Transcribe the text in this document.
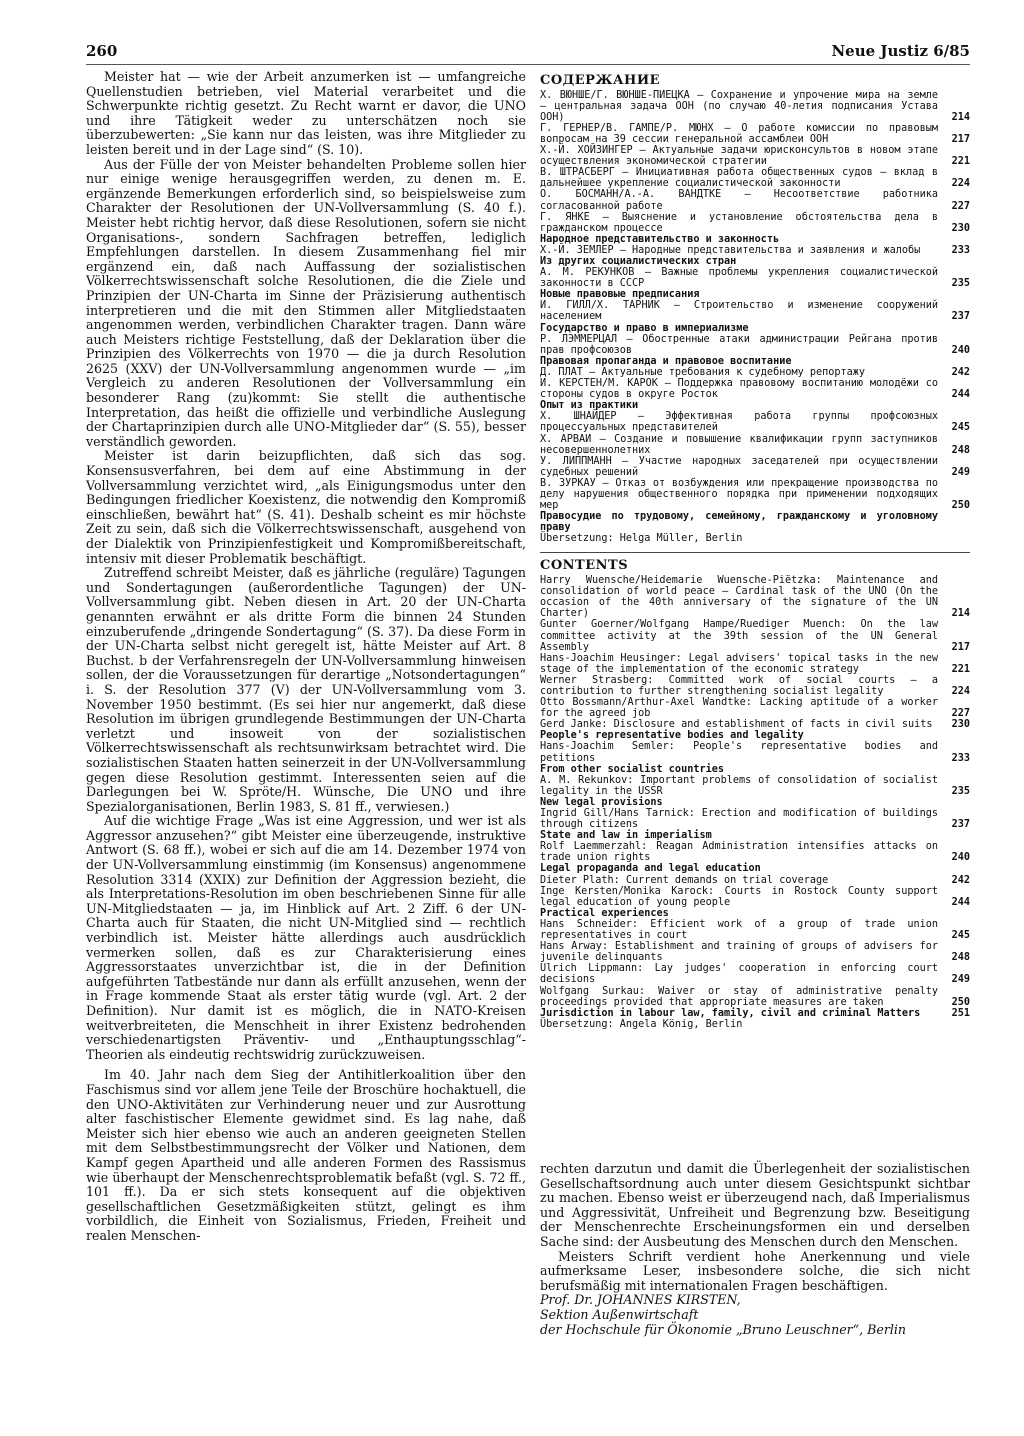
260	Neue Justiz 6/85

Meister hat — wie der Arbeit anzumerken ist — umfangreiche Quellenstudien betrieben, viel Material verarbeitet und die Schwerpunkte richtig gesetzt. Zu Recht warnt er davor, die UNO und ihre Tätigkeit weder zu unterschätzen noch sie überzubewerten: „Sie kann nur das leisten, was ihre Mitglieder zu leisten bereit und in der Lage sind“ (S. 10).

Aus der Fülle der von Meister behandelten Probleme sollen hier nur einige wenige herausgegriffen werden, zu denen m. E. ergänzende Bemerkungen erforderlich sind, so beispielsweise zum Charakter der Resolutionen der UN-Vollversammlung (S. 40 f.). Meister hebt richtig hervor, daß diese Resolutionen, sofern sie nicht Organisations-, sondern Sachfragen betreffen, lediglich Empfehlungen darstellen. In diesem Zusammenhang fiel mir ergänzend ein, daß nach Auffassung der sozialistischen Völkerrechtswissenschaft solche Resolutionen, die die Ziele und Prinzipien der UN-Charta im Sinne der Präzisierung authentisch interpretieren und die mit den Stimmen aller Mitgliedstaaten angenommen werden, verbindlichen Charakter tragen. Dann wäre auch Meisters richtige Feststellung, daß der Deklaration über die Prinzipien des Völkerrechts von 1970 — die ja durch Resolution 2625 (XXV) der UN-Vollversammlung angenommen wurde — „im Vergleich zu anderen Resolutionen der Vollversammlung ein besonderer Rang (zu)kommt: Sie stellt die authentische Interpretation, das heißt die offizielle und verbindliche Auslegung der Chartaprinzipien durch alle UNO-Mitglieder dar“ (S. 55), besser verständlich geworden.

Meister ist darin beizupflichten, daß sich das sog. Konsensusverfahren, bei dem auf eine Abstimmung in der Vollversammlung verzichtet wird, „als Einigungsmodus unter den Bedingungen friedlicher Koexistenz, die notwendig den Kompromiß einschließen, bewährt hat“ (S. 41). Deshalb scheint es mir höchste Zeit zu sein, daß sich die Völkerrechtswissenschaft, ausgehend von der Dialektik von Prinzipienfestigkeit und Kompromißbereitschaft, intensiv mit dieser Problematik beschäftigt.

Zutreffend schreibt Meister, daß es jährliche (reguläre) Tagungen und Sondertagungen (außerordentliche Tagungen) der UN-Vollversammlung gibt. Neben diesen in Art. 20 der UN-Charta genannten erwähnt er als dritte Form die binnen 24 Stunden einzuberufende „dringende Sondertagung“ (S. 37). Da diese Form in der UN-Charta selbst nicht geregelt ist, hätte Meister auf Art. 8 Buchst. b der Verfahrensregeln der UN-Vollversammlung hinweisen sollen, der die Voraussetzungen für derartige „Notsondertagungen“ i. S. der Resolution 377 (V) der UN-Vollversammlung vom 3. November 1950 bestimmt. (Es sei hier nur angemerkt, daß diese Resolution im übrigen grundlegende Bestimmungen der UN-Charta verletzt und insoweit von der sozialistischen Völkerrechtswissenschaft als rechtsunwirksam betrachtet wird. Die sozialistischen Staaten hatten seinerzeit in der UN-Vollversammlung gegen diese Resolution gestimmt. Interessenten seien auf die Darlegungen bei W. Spröte/H. Wünsche, Die UNO und ihre Spezialorganisationen, Berlin 1983, S. 81 ff., verwiesen.)

Auf die wichtige Frage „Was ist eine Aggression, und wer ist als Aggressor anzusehen?“ gibt Meister eine überzeugende, instruktive Antwort (S. 68 ff.), wobei er sich auf die am 14. Dezember 1974 von der UN-Vollversammlung einstimmig (im Konsensus) angenommene Resolution 3314 (XXIX) zur Definition der Aggression bezieht, die als Interpretations-Resolution im oben beschriebenen Sinne für alle UN-Mitgliedstaaten — ja, im Hinblick auf Art. 2 Ziff. 6 der UN-Charta auch für Staaten, die nicht UN-Mitglied sind — rechtlich verbindlich ist. Meister hätte allerdings auch ausdrücklich vermerken sollen, daß es zur Charakterisierung eines Aggressorstaates unverzichtbar ist, die in der Definition aufgeführten Tatbestände nur dann als erfüllt anzusehen, wenn der in Frage kommende Staat als erster tätig wurde (vgl. Art. 2 der Definition). Nur damit ist es möglich, die in NATO-Kreisen weitverbreiteten, die Menschheit in ihrer Existenz bedrohenden verschiedenartigsten Präventiv- und „Enthauptungsschlag“-Theorien als eindeutig rechtswidrig zurückzuweisen.

Im 40. Jahr nach dem Sieg der Antihitlerkoalition über den Faschismus sind vor allem jene Teile der Broschüre hochaktuell, die den UNO-Aktivitäten zur Verhinderung neuer und zur Ausrottung alter faschistischer Elemente gewidmet sind. Es lag nahe, daß Meister sich hier ebenso wie auch an anderen geeigneten Stellen mit dem Selbstbestimmungsrecht der Völker und Nationen, dem Kampf gegen Apartheid und alle anderen Formen des Rassismus wie überhaupt der Menschenrechtsproblematik befaßt (vgl. S. 72 ff., 101 ff.). Da er sich stets konsequent auf die objektiven gesellschaftlichen Gesetzmäßigkeiten stützt, gelingt es ihm vorbildlich, die Einheit von Sozialismus, Frieden, Freiheit und realen Menschen-

СОДЕРЖАНИЕ
Х. ВЮНШЕ/Г. ВЮНШЕ-ПИЕЦКА — Сохранение и упрочение мира на земле — центральная задача ООН (по случаю 40-летия подписания Устава ООН)	214
Г. ГЕРНЕР/В. ГАМПЕ/Р. МЮНХ — О работе комиссии по правовым вопросам на 39 сессии генеральной ассамблеи ООН	217
Х.-Й. ХОЙЗИНГЕР — Актуальные задачи юрисконсультов в новом этапе осуществления экономической стратегии	221
В. ШТРАСБЕРГ — Инициативная работа общественных судов — вклад в дальнейшее укрепление социалистической законности	224
О. БОСМАНН/А.-А. ВАНДТКЕ — Несоответствие работника согласованной работе	227
Г. ЯНКЕ — Выяснение и установление обстоятельства дела в гражданском процессе	230
Народное представительство и законность
Х.-Й. ЗЕМЛЕР — Народные представительства и заявления и жалобы	233
Из других социалистических стран
А. М. РЕКУНКОВ — Важные проблемы укрепления социалистической законности в СССР	235
Новые правовые предписания
И. ГИЛЛ/Х. ТАРНИК — Строительство и изменение сооружений населением	237
Государство и право в империализме
Р. ЛЭММЕРЦАЛ — Обостренные атаки администрации Рейгана против прав профсоюзов	240
Правовая пропаганда и правовое воспитание
Д. ПЛАТ — Актуальные требования к судебному репортажу	242
И. КЕРСТЕН/М. КАРОК — Поддержка правовому воспитанию молодёжи со стороны судов в округе Росток	244
Опыт из практики
Х. ШНАЙДЕР — Эффективная работа группы профсоюзных процессуальных представителей	245
Х. АРВАИ — Создание и повышение квалификации групп заступников несовершеннолетних	248
У. ЛИППМАНН — Участие народных заседателей при осуществлении судебных решений	249
В. ЗУРКАУ — Отказ от возбуждения или прекращение производства по делу нарушения общественного порядка при применении подходящих мер	250
Правосудие по трудовому, семейному, гражданскому и уголовному праву
Übersetzung: Helga Müller, Berlin
CONTENTS
Harry Wuensche/Heidemarie Wuensche-Piëtzka: Maintenance and consolidation of world peace — Cardinal task of the UNO (On the occasion of the 40th anniversary of the signature of the UN Charter)	214
Gunter Goerner/Wolfgang Hampe/Ruediger Muench: On the law committee activity at the 39th session of the UN General Assembly	217
Hans-Joachim Heusinger: Legal advisers' topical tasks in the new stage of the implementation of the economic strategy	221
Werner Strasberg: Committed work of social courts — a contribution to further strengthening socialist legality	224
Otto Bossmann/Arthur-Axel Wandtke: Lacking aptitude of a worker for the agreed job	227
Gerd Janke: Disclosure and establishment of facts in civil suits	230
People's representative bodies and legality
Hans-Joachim Semler: People's representative bodies and petitions	233
From other socialist countries
A. M. Rekunkov: Important problems of consolidation of socialist legality in the USSR	235
New legal provisions
Ingrid Gill/Hans Tarnick: Erection and modification of buildings through citizens	237
State and law in imperialism
Rolf Laemmerzahl: Reagan Administration intensifies attacks on trade union rights	240
Legal propaganda and legal education
Dieter Plath: Current demands on trial coverage	242
Inge Kersten/Monika Karock: Courts in Rostock County support legal education of young people	244
Practical experiences
Hans Schneider: Efficient work of a group of trade union representatives in court	245
Hans Arway: Establishment and training of groups of advisers for juvenile delinquants	248
Ulrich Lippmann: Lay judges' cooperation in enforcing court decisions	249
Wolfgang Surkau: Waiver or stay of administrative penalty proceedings provided that appropriate measures are taken	250
Jurisdiction in labour law, family, civil and criminal Matters	251
Übersetzung: Angela König, Berlin

rechten darzutun und damit die Überlegenheit der sozialistischen Gesellschaftsordnung auch unter diesem Gesichtspunkt sichtbar zu machen. Ebenso weist er überzeugend nach, daß Imperialismus und Aggressivität, Unfreiheit und Begrenzung bzw. Beseitigung der Menschenrechte Erscheinungsformen ein und derselben Sache sind: der Ausbeutung des Menschen durch den Menschen.

Meisters Schrift verdient hohe Anerkennung und viele aufmerksame Leser, insbesondere solche, die sich nicht berufsmäßig mit internationalen Fragen beschäftigen.

Prof. Dr. JOHANNES KIRSTEN,

Sektion Außenwirtschaft

der Hochschule für Ökonomie „Bruno Leuschner“, Berlin
